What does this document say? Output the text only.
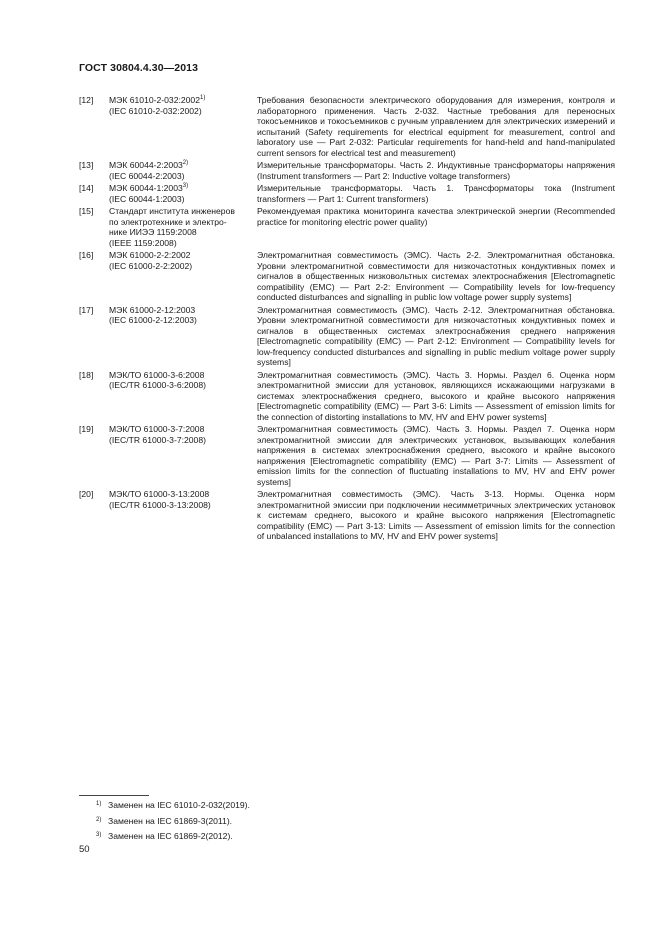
ГОСТ 30804.4.30—2013
[12]	МЭК 61010-2-032:2002$^{1)}$
(IEC 61010-2-032:2002)
Требования безопасности электрического оборудования для измерения, контроля и лабораторного применения. Часть 2-032. Частные требования для переносных токосъемников и токосъемников с ручным управлением для электрических измерений и испытаний (Safety requirements for electrical equipment for measurement, control and laboratory use — Part 2-032: Particular requirements for hand-held and hand-manipulated current sensors for electrical test and measurement)
[13]	МЭК 60044-2:2003$^{2)}$
(IEC 60044-2:2003)
Измерительные трансформаторы. Часть 2. Индуктивные трансформаторы напряжения (Instrument transformers — Part 2: Inductive voltage transformers)
[14]	МЭК 60044-1:2003$^{3)}$
(IEC 60044-1:2003)
Измерительные трансформаторы. Часть 1. Трансформаторы тока (Instrument transformers — Part 1: Current transformers)
[15]	Стандарт института инженеров
по электротехнике и электро-
нике ИИЭЭ 1159:2008
(IEEE 1159:2008)
Рекомендуемая практика мониторинга качества электрической энергии (Recommended practice for monitoring electric power quality)
[16]	МЭК 61000-2-2:2002
(IEC 61000-2-2:2002)
Электромагнитная совместимость (ЭМС). Часть 2-2. Электромагнитная обстановка. Уровни электромагнитной совместимости для низкочастотных кондуктивных помех и сигналов в общественных низковольтных системах электроснабжения [Electromagnetic compatibility (EMC) — Part 2-2: Environment — Compatibility levels for low-frequency conducted disturbances and signalling in public low voltage power supply systems]
[17]	МЭК 61000-2-12:2003
(IEC 61000-2-12:2003)
Электромагнитная совместимость (ЭМС). Часть 2-12. Электромагнитная обстановка. Уровни электромагнитной совместимости для низкочастотных кондуктивных помех и сигналов в общественных системах электроснабжения среднего напряжения [Electromagnetic compatibility (EMC) — Part 2-12: Environment — Compatibility levels for low-frequency conducted disturbances and signalling in public medium voltage power supply systems]
[18]	МЭК/ТО 61000-3-6:2008
(IEC/TR 61000-3-6:2008)
Электромагнитная совместимость (ЭМС). Часть 3. Нормы. Раздел 6. Оценка норм электромагнитной эмиссии для установок, являющихся искажающими нагрузками в системах электроснабжения среднего, высокого и крайне высокого напряжения [Electromagnetic compatibility (EMC) — Part 3-6: Limits — Assessment of emission limits for the connection of distorting installations to MV, HV and EHV power systems]
[19]	МЭК/ТО 61000-3-7:2008
(IEC/TR 61000-3-7:2008)
Электромагнитная совместимость (ЭМС). Часть 3. Нормы. Раздел 7. Оценка норм электромагнитной эмиссии для электрических установок, вызывающих колебания напряжения в системах электроснабжения среднего, высокого и крайне высокого напряжения [Electromagnetic compatibility (EMC) — Part 3-7: Limits — Assessment of emission limits for the connection of fluctuating installations to MV, HV and EHV power systems]
[20]	МЭК/ТО 61000-3-13:2008
(IEC/TR 61000-3-13:2008)
Электромагнитная совместимость (ЭМС). Часть 3-13. Нормы. Оценка норм электромагнитной эмиссии при подключении несимметричных электрических установок к системам среднего, высокого и крайне высокого напряжения [Electromagnetic compatibility (EMC) — Part 3-13: Limits — Assessment of emission limits for the connection of unbalanced installations to MV, HV and EHV power systems]
1) Заменен на IEC 61010-2-032(2019).
2) Заменен на IEC 61869-3(2011).
3) Заменен на IEC 61869-2(2012).
50
